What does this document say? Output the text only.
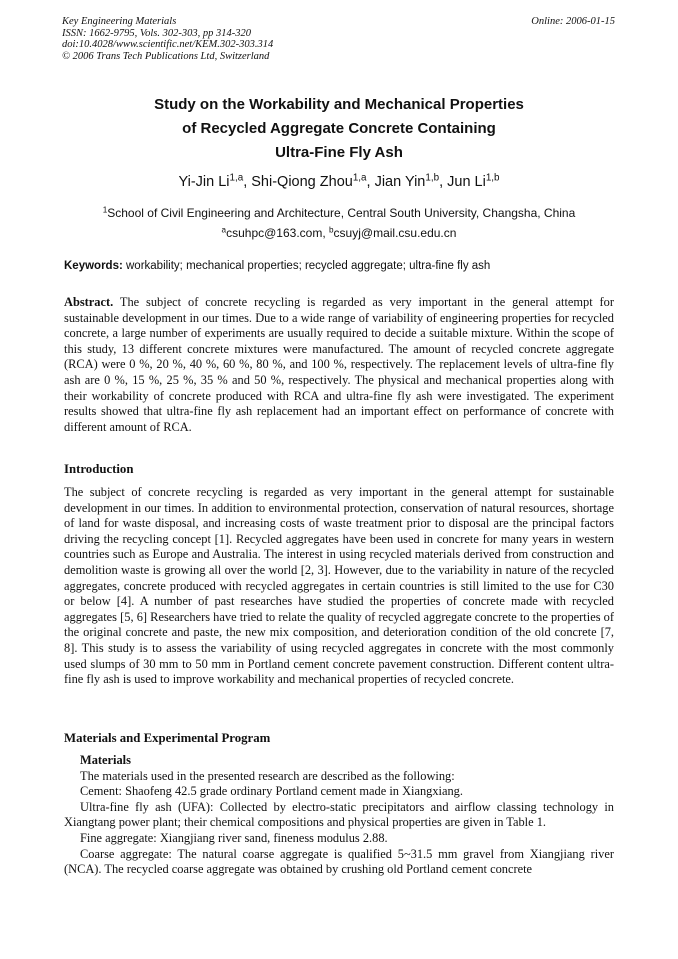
Key Engineering Materials
ISSN: 1662-9795, Vols. 302-303, pp 314-320
doi:10.4028/www.scientific.net/KEM.302-303.314
© 2006 Trans Tech Publications Ltd, Switzerland
Online: 2006-01-15
Study on the Workability and Mechanical Properties
of Recycled Aggregate Concrete Containing
Ultra-Fine Fly Ash
Yi-Jin Li$^{1,a}$, Shi-Qiong Zhou$^{1,a}$, Jian Yin$^{1,b}$, Jun Li$^{1,b}$
$^1$School of Civil Engineering and Architecture, Central South University, Changsha, China
$^a$csuhpc@163.com, $^b$csuyj@mail.csu.edu.cn
Keywords: workability; mechanical properties; recycled aggregate; ultra-fine fly ash
Abstract. The subject of concrete recycling is regarded as very important in the general attempt for sustainable development in our times. Due to a wide range of variability of engineering properties for recycled concrete, a large number of experiments are usually required to decide a suitable mixture. Within the scope of this study, 13 different concrete mixtures were manufactured. The amount of recycled concrete aggregate (RCA) were 0 %, 20 %, 40 %, 60 %, 80 %, and 100 %, respectively. The replacement levels of ultra-fine fly ash are 0 %, 15 %, 25 %, 35 % and 50 %, respectively. The physical and mechanical properties along with their workability of concrete produced with RCA and ultra-fine fly ash were investigated. The experiment results showed that ultra-fine fly ash replacement had an important effect on performance of concrete with different amount of RCA.
Introduction
The subject of concrete recycling is regarded as very important in the general attempt for sustainable development in our times. In addition to environmental protection, conservation of natural resources, shortage of land for waste disposal, and increasing costs of waste treatment prior to disposal are the principal factors driving the recycling concept [1]. Recycled aggregates have been used in concrete for many years in western countries such as Europe and Australia. The interest in using recycled materials derived from construction and demolition waste is growing all over the world [2, 3]. However, due to the variability in nature of the recycled aggregates, concrete produced with recycled aggregates in certain countries is still limited to the use for C30 or below [4]. A number of past researches have studied the properties of concrete made with recycled aggregates [5, 6] Researchers have tried to relate the quality of recycled aggregate concrete to the properties of the original concrete and paste, the new mix composition, and deterioration condition of the old concrete [7, 8]. This study is to assess the variability of using recycled aggregates in concrete with the most commonly used slumps of 30 mm to 50 mm in Portland cement concrete pavement construction. Different content ultra-fine fly ash is used to improve workability and mechanical properties of recycled concrete.
Materials and Experimental Program
Materials
The materials used in the presented research are described as the following:
Cement: Shaofeng 42.5 grade ordinary Portland cement made in Xiangxiang.
Ultra-fine fly ash (UFA): Collected by electro-static precipitators and airflow classing technology in Xiangtang power plant; their chemical compositions and physical properties are given in Table 1.
Fine aggregate: Xiangjiang river sand, fineness modulus 2.88.
Coarse aggregate: The natural coarse aggregate is qualified 5~31.5 mm gravel from Xiangjiang river (NCA). The recycled coarse aggregate was obtained by crushing old Portland cement concrete
